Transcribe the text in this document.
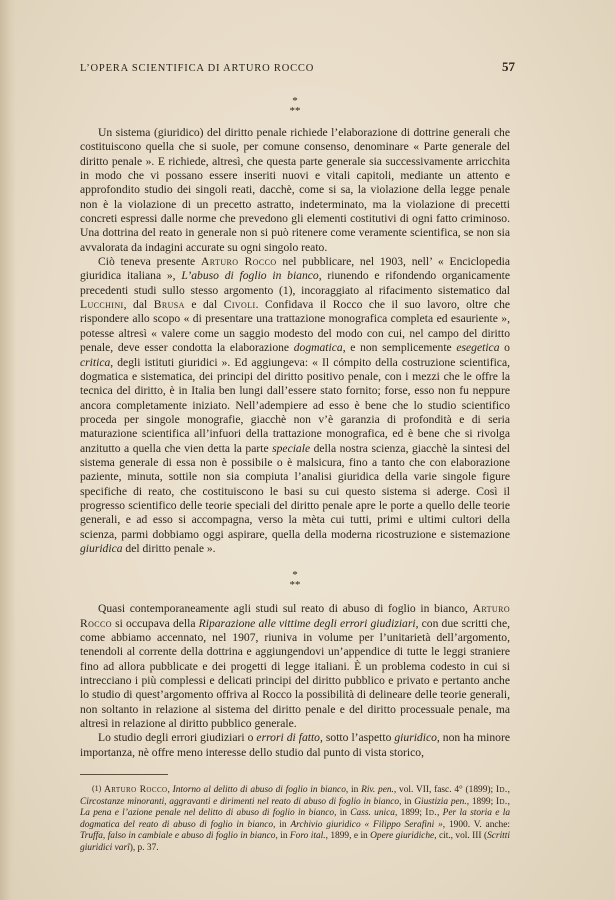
L’OPERA SCIENTIFICA DI ARTURO ROCCO	57
*
**

Un sistema (giuridico) del diritto penale richiede l’elaborazione di dottrine generali che costituiscono quella che si suole, per comune consenso, denominare « Parte generale del diritto penale ». E richiede, altresì, che questa parte generale sia successivamente arricchita in modo che vi possano essere inseriti nuovi e vitali capitoli, mediante un attento e approfondito studio dei singoli reati, dacchè, come si sa, la violazione della legge penale non è la violazione di un precetto astratto, indeterminato, ma la violazione di precetti concreti espressi dalle norme che prevedono gli elementi costitutivi di ogni fatto criminoso. Una dottrina del reato in generale non si può ritenere come veramente scientifica, se non sia avvalorata da indagini accurate su ogni singolo reato.

Ciò teneva presente Arturo Rocco nel pubblicare, nel 1903, nell’ « Enciclopedia giuridica italiana », L’abuso di foglio in bianco, riunendo e rifondendo organicamente precedenti studi sullo stesso argomento (1), incoraggiato al rifacimento sistematico dal Lucchini, dal Brusa e dal Civoli. Confidava il Rocco che il suo lavoro, oltre che rispondere allo scopo « di presentare una trattazione monografica completa ed esauriente », potesse altresì « valere come un saggio modesto del modo con cui, nel campo del diritto penale, deve esser condotta la elaborazione dogmatica, e non semplicemente esegetica o critica, degli istituti giuridici ». Ed aggiungeva: « Il cómpito della costruzione scientifica, dogmatica e sistematica, dei principi del diritto positivo penale, con i mezzi che le offre la tecnica del diritto, è in Italia ben lungi dall’essere stato fornito; forse, esso non fu neppure ancora completamente iniziato. Nell’adempiere ad esso è bene che lo studio scientifico proceda per singole monografie, giacchè non v’è garanzia di profondità e di seria maturazione scientifica all’infuori della trattazione monografica, ed è bene che si rivolga anzitutto a quella che vien detta la parte speciale della nostra scienza, giacchè la sintesi del sistema generale di essa non è possibile o è malsicura, fino a tanto che con elaborazione paziente, minuta, sottile non sia compiuta l’analisi giuridica della varie singole figure specifiche di reato, che costituiscono le basi su cui questo sistema si aderge. Così il progresso scientifico delle teorie speciali del diritto penale apre le porte a quello delle teorie generali, e ad esso si accompagna, verso la mèta cui tutti, primi e ultimi cultori della scienza, parmi dobbiamo oggi aspirare, quella della moderna ricostruzione e sistemazione giuridica del diritto penale ».

*
**

Quasi contemporaneamente agli studi sul reato di abuso di foglio in bianco, Arturo Rocco si occupava della Riparazione alle vittime degli errori giudiziari, con due scritti che, come abbiamo accennato, nel 1907, riuniva in volume per l’unitarietà dell’argomento, tenendoli al corrente della dottrina e aggiungendovi un’appendice di tutte le leggi straniere fino ad allora pubblicate e dei progetti di legge italiani. È un problema codesto in cui si intrecciano i più complessi e delicati principi del diritto pubblico e privato e pertanto anche lo studio di quest’argomento offriva al Rocco la possibilità di delineare delle teorie generali, non soltanto in relazione al sistema del diritto penale e del diritto processuale penale, ma altresì in relazione al diritto pubblico generale.

Lo studio degli errori giudiziari o errori di fatto, sotto l’aspetto giuridico, non ha minore importanza, nè offre meno interesse dello studio dal punto di vista storico,

(1) Arturo Rocco, Intorno al delitto di abuso di foglio in bianco, in Riv. pen., vol. VII, fasc. 4° (1899); Id., Circostanze minoranti, aggravanti e dirimenti nel reato di abuso di foglio in bianco, in Giustizia pen., 1899; Id., La pena e l’azione penale nel delitto di abuso di foglio in bianco, in Cass. unica, 1899; Id., Per la storia e la dogmatica del reato di abuso di foglio in bianco, in Archivio giuridico « Filippo Serafini », 1900. V. anche: Truffa, falso in cambiale e abuso di foglio in bianco, in Foro ital., 1899, e in Opere giuridiche, cit., vol. III (Scritti giuridici varî), p. 37.
